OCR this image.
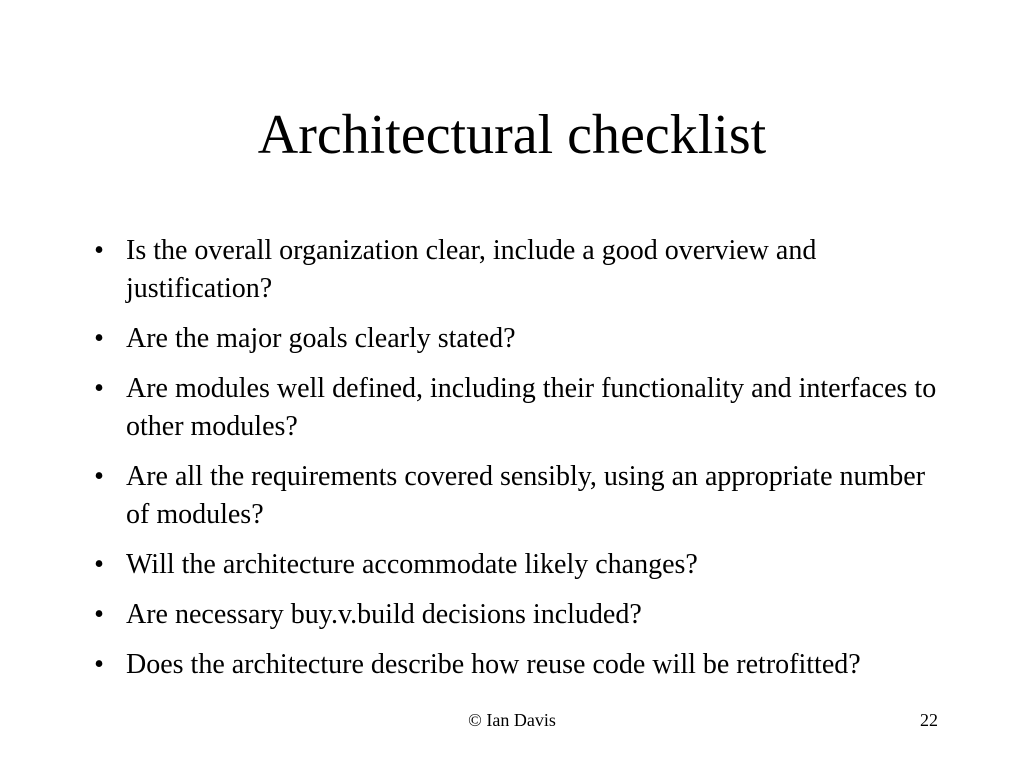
Architectural checklist
• Is the overall organization clear, include a good overview and justification?
• Are the major goals clearly stated?
• Are modules well defined, including their functionality and interfaces to other modules?
• Are all the requirements covered sensibly, using an appropriate number of modules?
• Will the architecture accommodate likely changes?
• Are necessary buy.v.build decisions included?
• Does the architecture describe how reuse code will be retrofitted?
© Ian Davis	22
